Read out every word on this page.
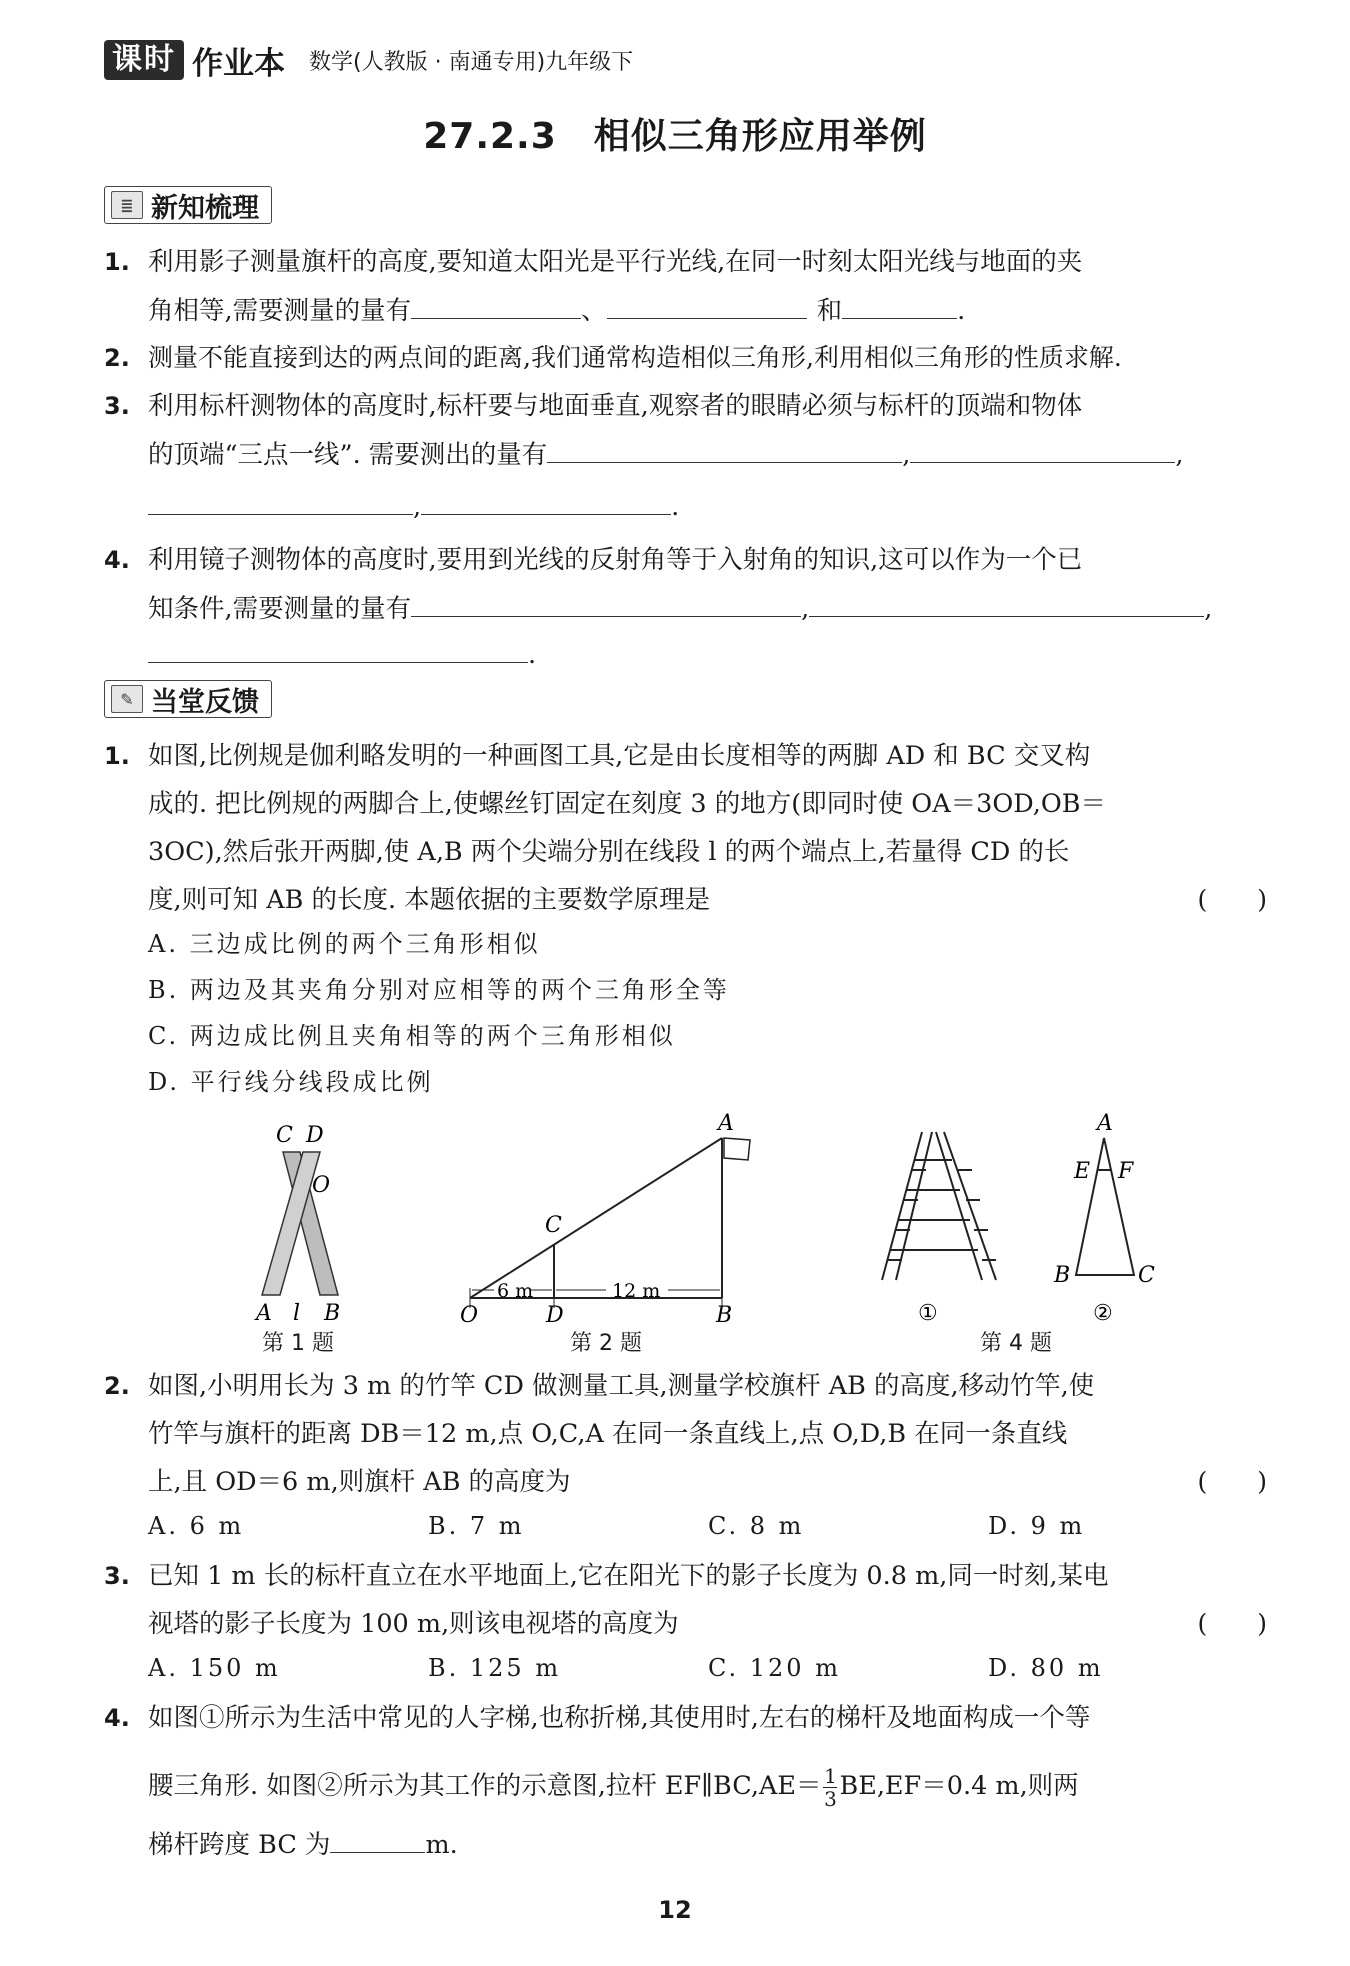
课时 作业本 数学(人教版 · 南通专用)九年级下
27.2.3　相似三角形应用举例
≣ 新知梳理
1. 利用影子测量旗杆的高度,要知道太阳光是平行光线,在同一时刻太阳光线与地面的夹
角相等,需要测量的量有	、	和	.
2. 测量不能直接到达的两点间的距离,我们通常构造相似三角形,利用相似三角形的性质求解.
3. 利用标杆测物体的高度时,标杆要与地面垂直,观察者的眼睛必须与标杆的顶端和物体
的顶端“三点一线”. 需要测出的量有	,	,
,	.
4. 利用镜子测物体的高度时,要用到光线的反射角等于入射角的知识,这可以作为一个已
知条件,需要测量的量有	,	,
.
✎ 当堂反馈
1. 如图,比例规是伽利略发明的一种画图工具,它是由长度相等的两脚 AD 和 BC 交叉构
成的. 把比例规的两脚合上,使螺丝钉固定在刻度 3 的地方(即同时使 OA＝3OD,OB＝
3OC),然后张开两脚,使 A,B 两个尖端分别在线段 l 的两个端点上,若量得 CD 的长
度,则可知 AB 的长度. 本题依据的主要数学原理是	(　　)
A. 三边成比例的两个三角形相似
B. 两边及其夹角分别对应相等的两个三角形全等
C. 两边成比例且夹角相等的两个三角形相似
D. 平行线分线段成比例
C D
O
A l B
6 m	12 m
A
C
O	D	B	①
A
E F
B	C
②
第 1 题	第 2 题	第 4 题
2. 如图,小明用长为 3 m 的竹竿 CD 做测量工具,测量学校旗杆 AB 的高度,移动竹竿,使
竹竿与旗杆的距离 DB＝12 m,点 O,C,A 在同一条直线上,点 O,D,B 在同一条直线
上,且 OD＝6 m,则旗杆 AB 的高度为	(　　)
A. 6 m	B. 7 m	C. 8 m	D. 9 m
3. 已知 1 m 长的标杆直立在水平地面上,它在阳光下的影子长度为 0.8 m,同一时刻,某电
视塔的影子长度为 100 m,则该电视塔的高度为	(　　)
A. 150 m	B. 125 m	C. 120 m	D. 80 m
4. 如图①所示为生活中常见的人字梯,也称折梯,其使用时,左右的梯杆及地面构成一个等
腰三角形. 如图②所示为其工作的示意图,拉杆 EF∥BC,AE＝ $\frac{1}{3} BE,EF=0.4$ m,则两
梯杆跨度 BC 为	m.
12
